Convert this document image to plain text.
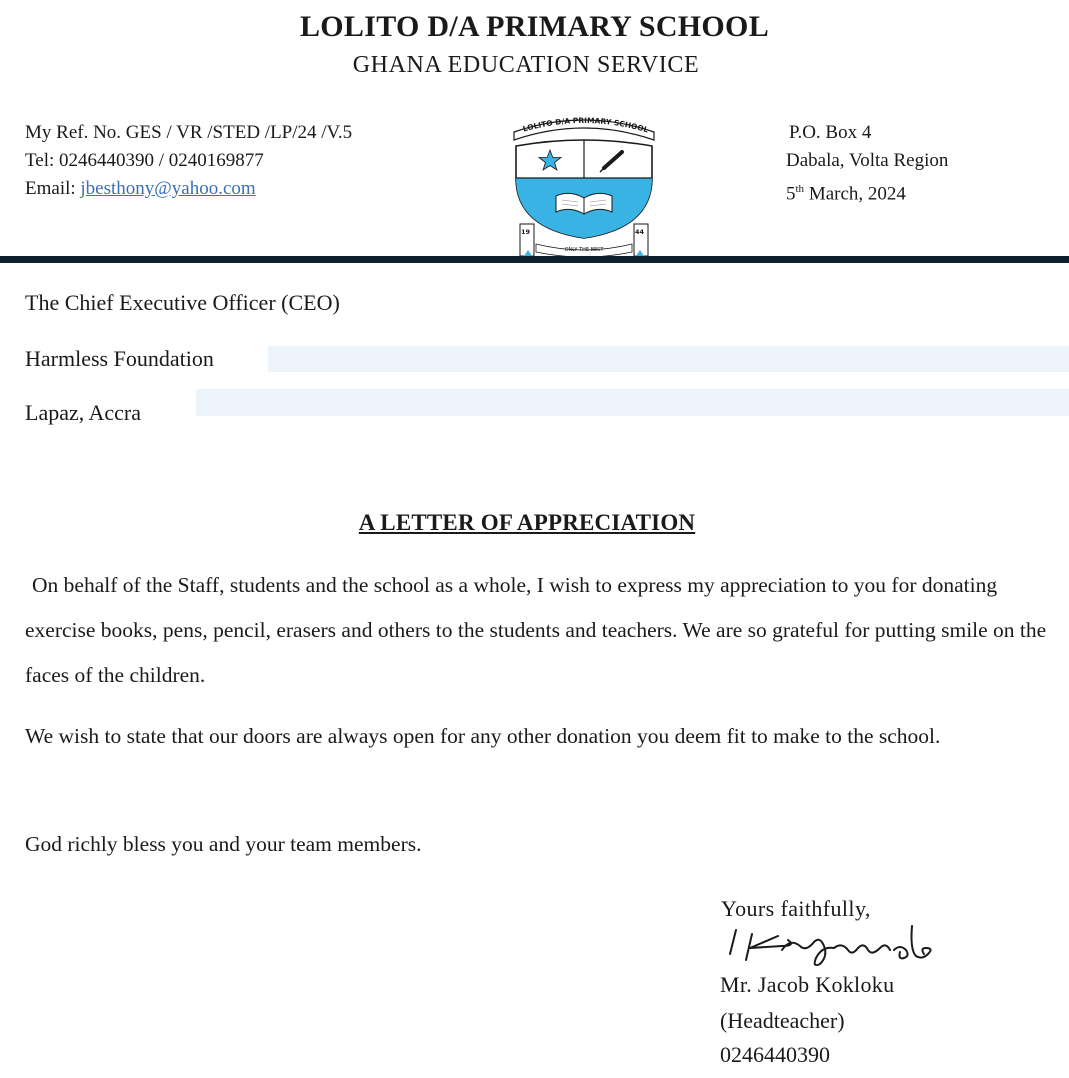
LOLITO D/A PRIMARY SCHOOL
GHANA EDUCATION SERVICE
My Ref. No. GES / VR /STED /LP/24 /V.5
Tel: 0246440390 / 0240169877
Email: jbesthony@yahoo.com
P.O. Box 4
Dabala, Volta Region
5th March, 2024
LOLITO D/A PRIMARY SCHOOL
19	44
ONLY THE BEST
The Chief Executive Officer (CEO)
Harmless Foundation
Lapaz, Accra
A LETTER OF APPRECIATION
On behalf of the Staff, students and the school as a whole, I wish to express my appreciation to you for donating exercise books, pens, pencil, erasers and others to the students and teachers. We are so grateful for putting smile on the faces of the children.
We wish to state that our doors are always open for any other donation you deem fit to make to the school.
God richly bless you and your team members.
Yours faithfully,
Mr. Jacob Kokloku
(Headteacher)
0246440390
